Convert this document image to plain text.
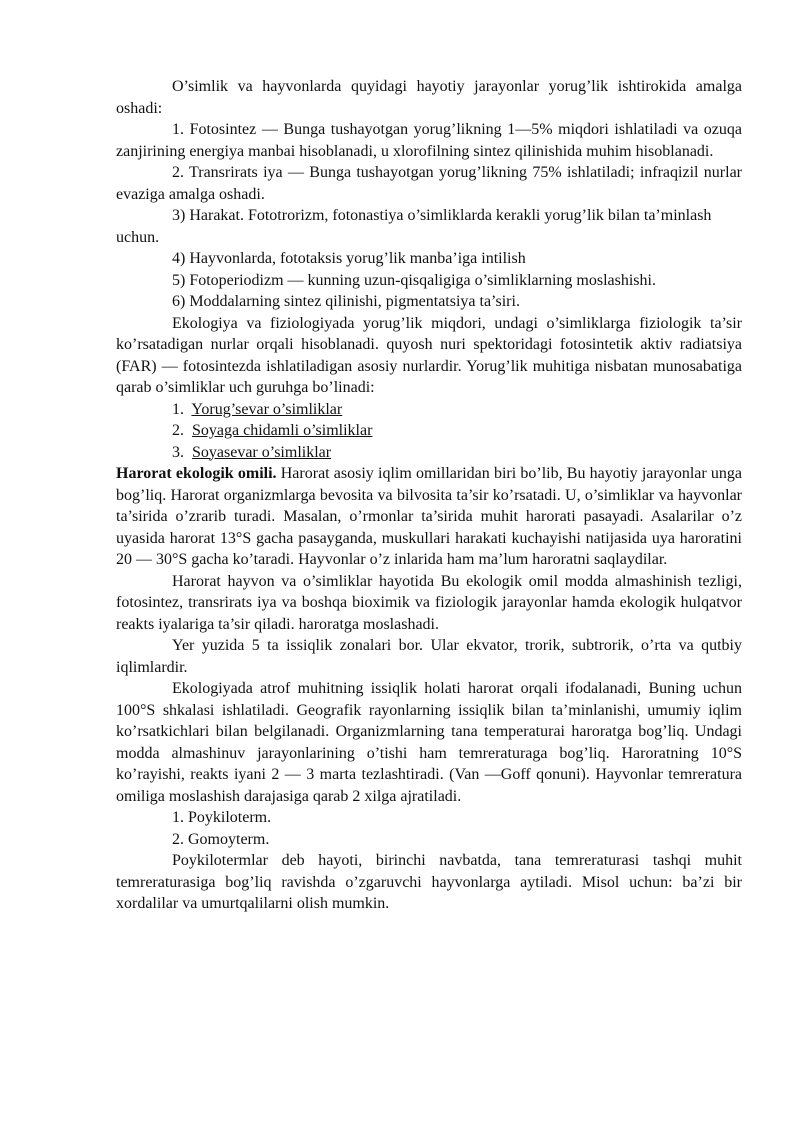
O’simlik va hayvonlarda quyidagi hayotiy jarayonlar yorug’lik ishtirokida amalga oshadi:

1. Fotosintez — Bunga tushayotgan yorug’likning 1—5% miqdori ishlatiladi va ozuqa zanjirining energiya manbai hisoblanadi, u xlorofilning sintez qilinishida muhim hisoblanadi.

2. Transrirats iya — Bunga tushayotgan yorug’likning 75% ishlatiladi; infraqizil nurlar evaziga amalga oshadi.

3) Harakat. Fototrorizm, fotonastiya o’simliklarda kerakli yorug’lik bilan ta’minlash uchun.

4) Hayvonlarda, fototaksis yorug’lik manba’iga intilish

5) Fotoperiodizm — kunning uzun-qisqaligiga o’simliklarning moslashishi.

6) Moddalarning sintez qilinishi, pigmentatsiya ta’siri.

Ekologiya va fiziologiyada yorug’lik miqdori, undagi o’simliklarga fiziologik ta’sir ko’rsatadigan nurlar orqali hisoblanadi. quyosh nuri spektoridagi fotosintetik aktiv radiatsiya (FAR) — fotosintezda ishlatiladigan asosiy nurlardir. Yorug’lik muhitiga nisbatan munosabatiga qarab o’simliklar uch guruhga bo’linadi:

1. Yorug’sevar o’simliklar

2. Soyaga chidamli o’simliklar

3. Soyasevar o’simliklar

Harorat ekologik omili. Harorat asosiy iqlim omillaridan biri bo’lib, Bu hayotiy jarayonlar unga bog’liq. Harorat organizmlarga bevosita va bilvosita ta’sir ko’rsatadi. U, o’simliklar va hayvonlar ta’sirida o’zrarib turadi. Masalan, o’rmonlar ta’sirida muhit harorati pasayadi. Asalarilar o’z uyasida harorat 13°S gacha pasayganda, muskullari harakati kuchayishi natijasida uya haroratini 20 — 30°S gacha ko’taradi. Hayvonlar o’z inlarida ham ma’lum haroratni saqlaydilar.

Harorat hayvon va o’simliklar hayotida Bu ekologik omil modda almashinish tezligi, fotosintez, transrirats iya va boshqa bioximik va fiziologik jarayonlar hamda ekologik hulqatvor reakts iyalariga ta’sir qiladi. haroratga moslashadi.

Yer yuzida 5 ta issiqlik zonalari bor. Ular ekvator, trorik, subtrorik, o’rta va qutbiy iqlimlardir.

Ekologiyada atrof muhitning issiqlik holati harorat orqali ifodalanadi, Buning uchun 100°S shkalasi ishlatiladi. Geografik rayonlarning issiqlik bilan ta’minlanishi, umumiy iqlim ko’rsatkichlari bilan belgilanadi. Organizmlarning tana temperaturai haroratga bog’liq. Undagi modda almashinuv jarayonlarining o’tishi ham temreraturaga bog’liq. Haroratning 10°S ko’rayishi, reakts iyani 2 — 3 marta tezlashtiradi. (Van —Goff qonuni). Hayvonlar temreratura omiliga moslashish darajasiga qarab 2 xilga ajratiladi.

1. Poykiloterm.

2. Gomoyterm.

Poykilotermlar deb hayoti, birinchi navbatda, tana temreraturasi tashqi muhit temreraturasiga bog’liq ravishda o’zgaruvchi hayvonlarga aytiladi. Misol uchun: ba’zi bir xordalilar va umurtqalilarni olish mumkin.
